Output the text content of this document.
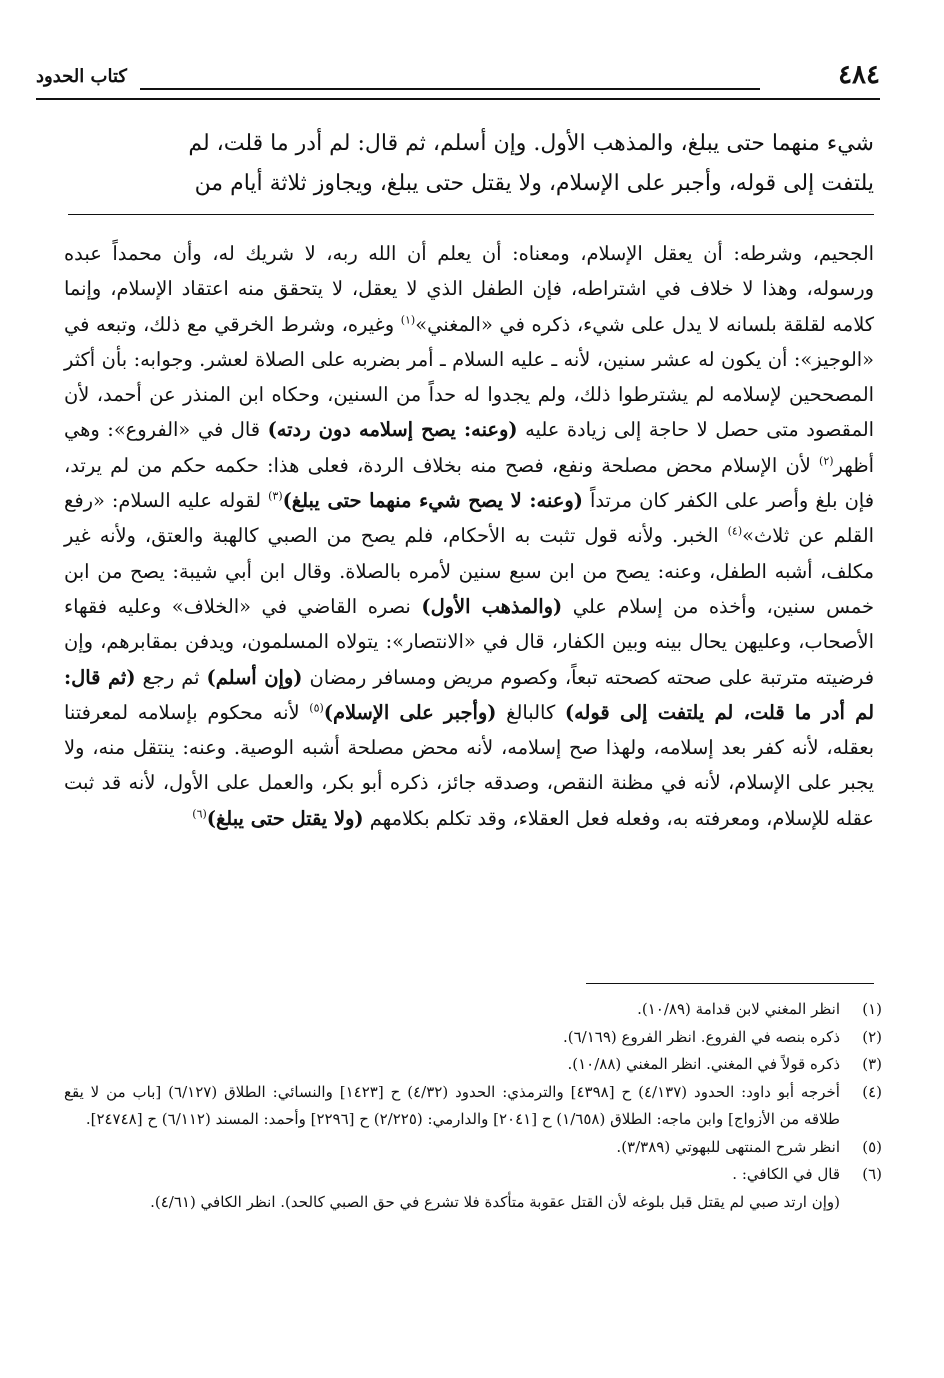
٤٨٤
كتاب الحدود

شيء منهما حتى يبلغ، والمذهب الأول. وإن أسلم، ثم قال: لم أدر ما قلت، لم

يلتفت إلى قوله، وأجبر على الإسلام، ولا يقتل حتى يبلغ، ويجاوز ثلاثة أيام من

الجحيم، وشرطه: أن يعقل الإسلام، ومعناه: أن يعلم أن الله ربه، لا شريك له، وأن محمداً عبده ورسوله، وهذا لا خلاف في اشتراطه، فإن الطفل الذي لا يعقل، لا يتحقق منه اعتقاد الإسلام، وإنما كلامه لقلقة بلسانه لا يدل على شيء، ذكره في «المغني»$^{(١)}$ وغيره، وشرط الخرقي مع ذلك، وتبعه في «الوجيز»: أن يكون له عشر سنين، لأنه ـ عليه السلام ـ أمر بضربه على الصلاة لعشر. وجوابه: بأن أكثر المصححين لإسلامه لم يشترطوا ذلك، ولم يجدوا له حداً من السنين، وحكاه ابن المنذر عن أحمد، لأن المقصود متى حصل لا حاجة إلى زيادة عليه (وعنه: يصح إسلامه دون ردته) قال في «الفروع»: وهي أظهر$^{(٢)}$ لأن الإسلام محض مصلحة ونفع، فصح منه بخلاف الردة، فعلى هذا: حكمه حكم من لم يرتد، فإن بلغ وأصر على الكفر كان مرتداً (وعنه: لا يصح شيء منهما حتى يبلغ)$^{(٣)}$ لقوله عليه السلام: «رفع القلم عن ثلاث»$^{(٤)}$ الخبر. ولأنه قول تثبت به الأحكام، فلم يصح من الصبي كالهبة والعتق، ولأنه غير مكلف، أشبه الطفل، وعنه: يصح من ابن سبع سنين لأمره بالصلاة. وقال ابن أبي شيبة: يصح من ابن خمس سنين، وأخذه من إسلام علي (والمذهب الأول) نصره القاضي في «الخلاف» وعليه فقهاء الأصحاب، وعليهن يحال بينه وبين الكفار، قال في «الانتصار»: يتولاه المسلمون، ويدفن بمقابرهم، وإن فرضيته مترتبة على صحته كصحته تبعاً، وكصوم مريض ومسافر رمضان (وإن أسلم) ثم رجع (ثم قال: لم أدر ما قلت، لم يلتفت إلى قوله) كالبالغ (وأجبر على الإسلام)$^{(٥)}$ لأنه محكوم بإسلامه لمعرفتنا بعقله، لأنه كفر بعد إسلامه، ولهذا صح إسلامه، لأنه محض مصلحة أشبه الوصية. وعنه: ينتقل منه، ولا يجبر على الإسلام، لأنه في مظنة النقص، وصدقه جائز، ذكره أبو بكر، والعمل على الأول، لأنه قد ثبت عقله للإسلام، ومعرفته به، وفعله فعل العقلاء، وقد تكلم بكلامهم (ولا يقتل حتى يبلغ)$^{(٦)}$

(١)
انظر المغني لابن قدامة (١٠/٨٩).
(٢)
ذكره بنصه في الفروع. انظر الفروع (٦/١٦٩).
(٣)
ذكره قولاً في المغني. انظر المغني (١٠/٨٨).
(٤)
أخرجه أبو داود: الحدود (٤/١٣٧) ح [٤٣٩٨] والترمذي: الحدود (٤/٣٢) ح [١٤٢٣] والنسائي: الطلاق (٦/١٢٧) [باب من لا يقع طلاقه من الأزواج] وابن ماجه: الطلاق (١/٦٥٨) ح [٢٠٤١] والدارمي: (٢/٢٢٥) ح [٢٢٩٦] وأحمد: المسند (٦/١١٢) ح [٢٤٧٤٨].
(٥)
انظر شرح المنتهى للبهوتي (٣/٣٨٩).
(٦)
قال في الكافي: .
(وإن ارتد صبي لم يقتل قبل بلوغه لأن القتل عقوبة متأكدة فلا تشرع في حق الصبي كالحد). انظر الكافي (٤/٦١).
